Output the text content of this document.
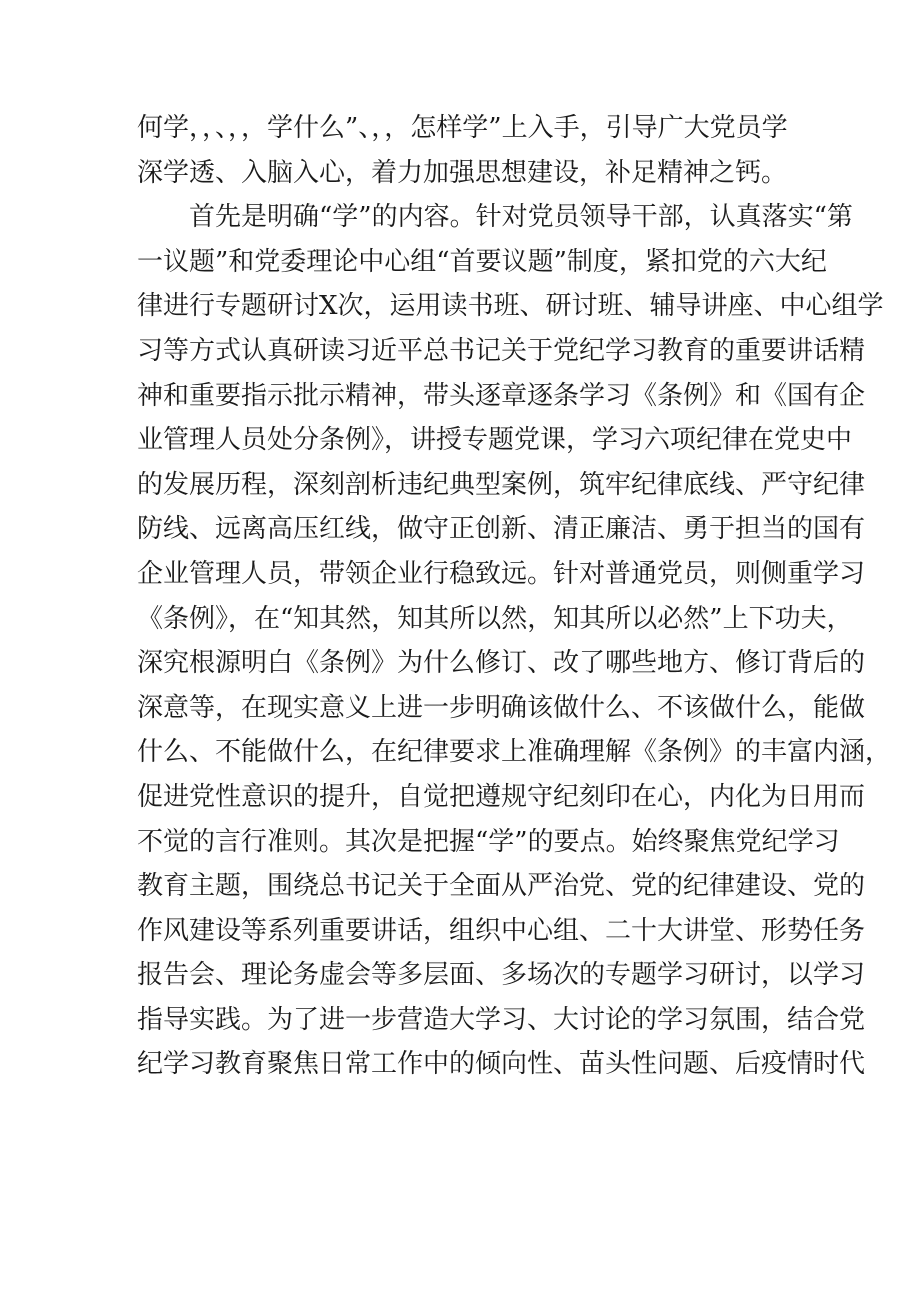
何学，，、，，学什么”、，，怎样学”上入手，引导广大党员学
深学透、入脑入心，着力加强思想建设，补足精神之钙。
首先是明确“学”的内容。针对党员领导干部，认真落实“第
一议题”和党委理论中心组“首要议题”制度，紧扣党的六大纪
律进行专题研讨X次，运用读书班、研讨班、辅导讲座、中心组学
习等方式认真研读习近平总书记关于党纪学习教育的重要讲话精
神和重要指示批示精神，带头逐章逐条学习《条例》和《国有企
业管理人员处分条例》，讲授专题党课，学习六项纪律在党史中
的发展历程，深刻剖析违纪典型案例，筑牢纪律底线、严守纪律
防线、远离高压红线，做守正创新、清正廉洁、勇于担当的国有
企业管理人员，带领企业行稳致远。针对普通党员，则侧重学习
《条例》，在“知其然，知其所以然，知其所以必然”上下功夫，
深究根源明白《条例》为什么修订、改了哪些地方、修订背后的
深意等，在现实意义上进一步明确该做什么、不该做什么，能做
什么、不能做什么，在纪律要求上准确理解《条例》的丰富内涵，
促进党性意识的提升，自觉把遵规守纪刻印在心，内化为日用而
不觉的言行准则。其次是把握“学”的要点。始终聚焦党纪学习
教育主题，围绕总书记关于全面从严治党、党的纪律建设、党的
作风建设等系列重要讲话，组织中心组、二十大讲堂、形势任务
报告会、理论务虚会等多层面、多场次的专题学习研讨，以学习
指导实践。为了进一步营造大学习、大讨论的学习氛围，结合党
纪学习教育聚焦日常工作中的倾向性、苗头性问题、后疫情时代
